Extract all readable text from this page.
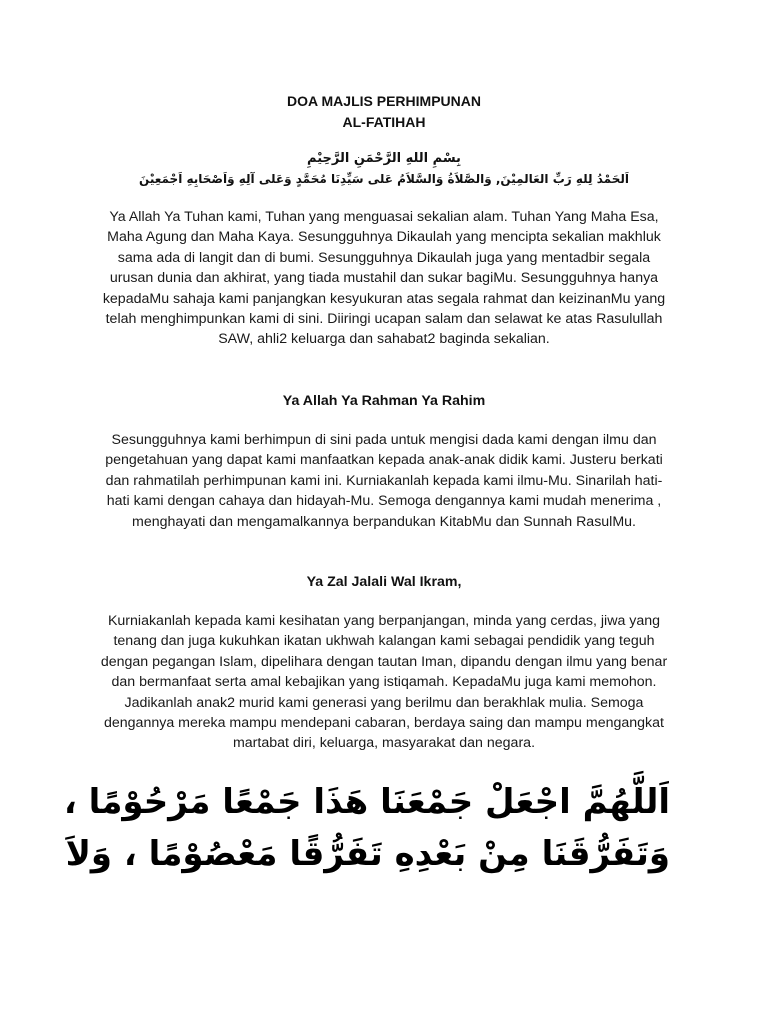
DOA MAJLIS PERHIMPUNAN
AL-FATIHAH
بِسْمِ اللهِ الرَّحْمَنِ الرَّحِيْمِ
اَلحَمْدُ لِلهِ رَبِّ العَالمِيْنَ, وَالصَّلاَةُ وَالسَّلاَمُ عَلى سَيِّدِنَا مُحَمَّدٍ وَعَلى آلِهِ وَاَصْحَابِهِ اَجْمَعِيْنَ
Ya Allah Ya Tuhan kami, Tuhan yang menguasai sekalian alam. Tuhan Yang Maha Esa, Maha Agung dan Maha Kaya. Sesungguhnya Dikaulah yang mencipta sekalian makhluk sama ada di langit dan di bumi. Sesungguhnya Dikaulah juga yang mentadbir segala urusan dunia dan akhirat, yang tiada mustahil dan sukar bagiMu. Sesungguhnya hanya kepadaMu sahaja kami panjangkan kesyukuran atas segala rahmat dan keizinanMu yang telah menghimpunkan kami di sini. Diiringi ucapan salam dan selawat ke atas Rasulullah SAW, ahli2 keluarga dan sahabat2 baginda sekalian.
Ya Allah Ya Rahman Ya Rahim
Sesungguhnya kami berhimpun di sini pada untuk mengisi dada kami dengan ilmu dan pengetahuan yang dapat kami manfaatkan kepada anak-anak didik kami. Justeru berkati dan rahmatilah perhimpunan kami ini. Kurniakanlah kepada kami ilmu-Mu. Sinarilah hati-hati kami dengan cahaya dan hidayah-Mu. Semoga dengannya kami mudah menerima , menghayati dan mengamalkannya berpandukan KitabMu dan Sunnah RasulMu.
Ya Zal Jalali Wal Ikram,
Kurniakanlah kepada kami kesihatan yang berpanjangan, minda yang cerdas, jiwa yang tenang dan juga kukuhkan ikatan ukhwah kalangan kami sebagai pendidik yang teguh dengan pegangan Islam, dipelihara dengan tautan Iman, dipandu dengan ilmu yang benar dan bermanfaat serta amal kebajikan yang istiqamah. KepadaMu juga kami memohon. Jadikanlah anak2 murid kami generasi yang berilmu dan berakhlak mulia. Semoga dengannya mereka mampu mendepani cabaran, berdaya saing dan mampu mengangkat martabat diri, keluarga, masyarakat dan negara.
اَللَّهُمَّ اجْعَلْ جَمْعَنَا هَذَا جَمْعًا مَرْحُوْمًا ،
وَتَفَرُّقَنَا مِنْ بَعْدِهِ تَفَرُّقًا مَعْصُوْمًا ، وَلاَ
